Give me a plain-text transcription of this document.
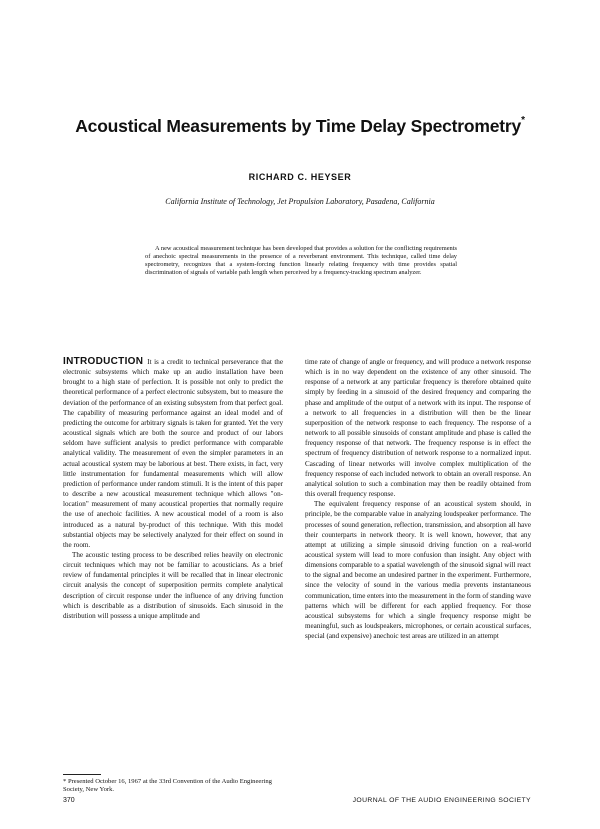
Acoustical Measurements by Time Delay Spectrometry*
RICHARD C. HEYSER
California Institute of Technology, Jet Propulsion Laboratory, Pasadena, California

A new acoustical measurement technique has been developed that provides a solution for the conflicting requirements of anechoic spectral measurements in the presence of a reverberant environment. This technique, called time delay spectrometry, recognizes that a system-forcing function linearly relating frequency with time provides spatial discrimination of signals of variable path length when perceived by a frequency-tracking spectrum analyzer.

INTRODUCTION It is a credit to technical perseverance that the electronic subsystems which make up an audio installation have been brought to a high state of perfection. It is possible not only to predict the theoretical performance of a perfect electronic subsystem, but to measure the deviation of the performance of an existing subsystem from that perfect goal. The capability of measuring performance against an ideal model and of predicting the outcome for arbitrary signals is taken for granted. Yet the very acoustical signals which are both the source and product of our labors seldom have sufficient analysis to predict performance with comparable analytical validity. The measurement of even the simpler parameters in an actual acoustical system may be laborious at best. There exists, in fact, very little instrumentation for fundamental measurements which will allow prediction of performance under random stimuli. It is the intent of this paper to describe a new acoustical measurement technique which allows "on-location" measurement of many acoustical properties that normally require the use of anechoic facilities. A new acoustical model of a room is also introduced as a natural by-product of this technique. With this model substantial objects may be selectively analyzed for their effect on sound in the room.

The acoustic testing process to be described relies heavily on electronic circuit techniques which may not be familiar to acousticians. As a brief review of fundamental principles it will be recalled that in linear electronic circuit analysis the concept of superposition permits complete analytical description of circuit response under the influence of any driving function which is describable as a distribution of sinusoids. Each sinusoid in the distribution will possess a unique amplitude and

time rate of change of angle or frequency, and will produce a network response which is in no way dependent on the existence of any other sinusoid. The response of a network at any particular frequency is therefore obtained quite simply by feeding in a sinusoid of the desired frequency and comparing the phase and amplitude of the output of a network with its input. The response of a network to all frequencies in a distribution will then be the linear superposition of the network response to each frequency. The response of a network to all possible sinusoids of constant amplitude and phase is called the frequency response of that network. The frequency response is in effect the spectrum of frequency distribution of network response to a normalized input. Cascading of linear networks will involve complex multiplication of the frequency response of each included network to obtain an overall response. An analytical solution to such a combination may then be readily obtained from this overall frequency response.

The equivalent frequency response of an acoustical system should, in principle, be the comparable value in analyzing loudspeaker performance. The processes of sound generation, reflection, transmission, and absorption all have their counterparts in network theory. It is well known, however, that any attempt at utilizing a simple sinusoid driving function on a real-world acoustical system will lead to more confusion than insight. Any object with dimensions comparable to a spatial wavelength of the sinusoid signal will react to the signal and become an undesired partner in the experiment. Furthermore, since the velocity of sound in the various media prevents instantaneous communication, time enters into the measurement in the form of standing wave patterns which will be different for each applied frequency. For those acoustical subsystems for which a single frequency response might be meaningful, such as loudspeakers, microphones, or certain acoustical surfaces, special (and expensive) anechoic test areas are utilized in an attempt

* Presented October 16, 1967 at the 33rd Convention of the Audio Engineering Society, New York.
370	JOURNAL OF THE AUDIO ENGINEERING SOCIETY
